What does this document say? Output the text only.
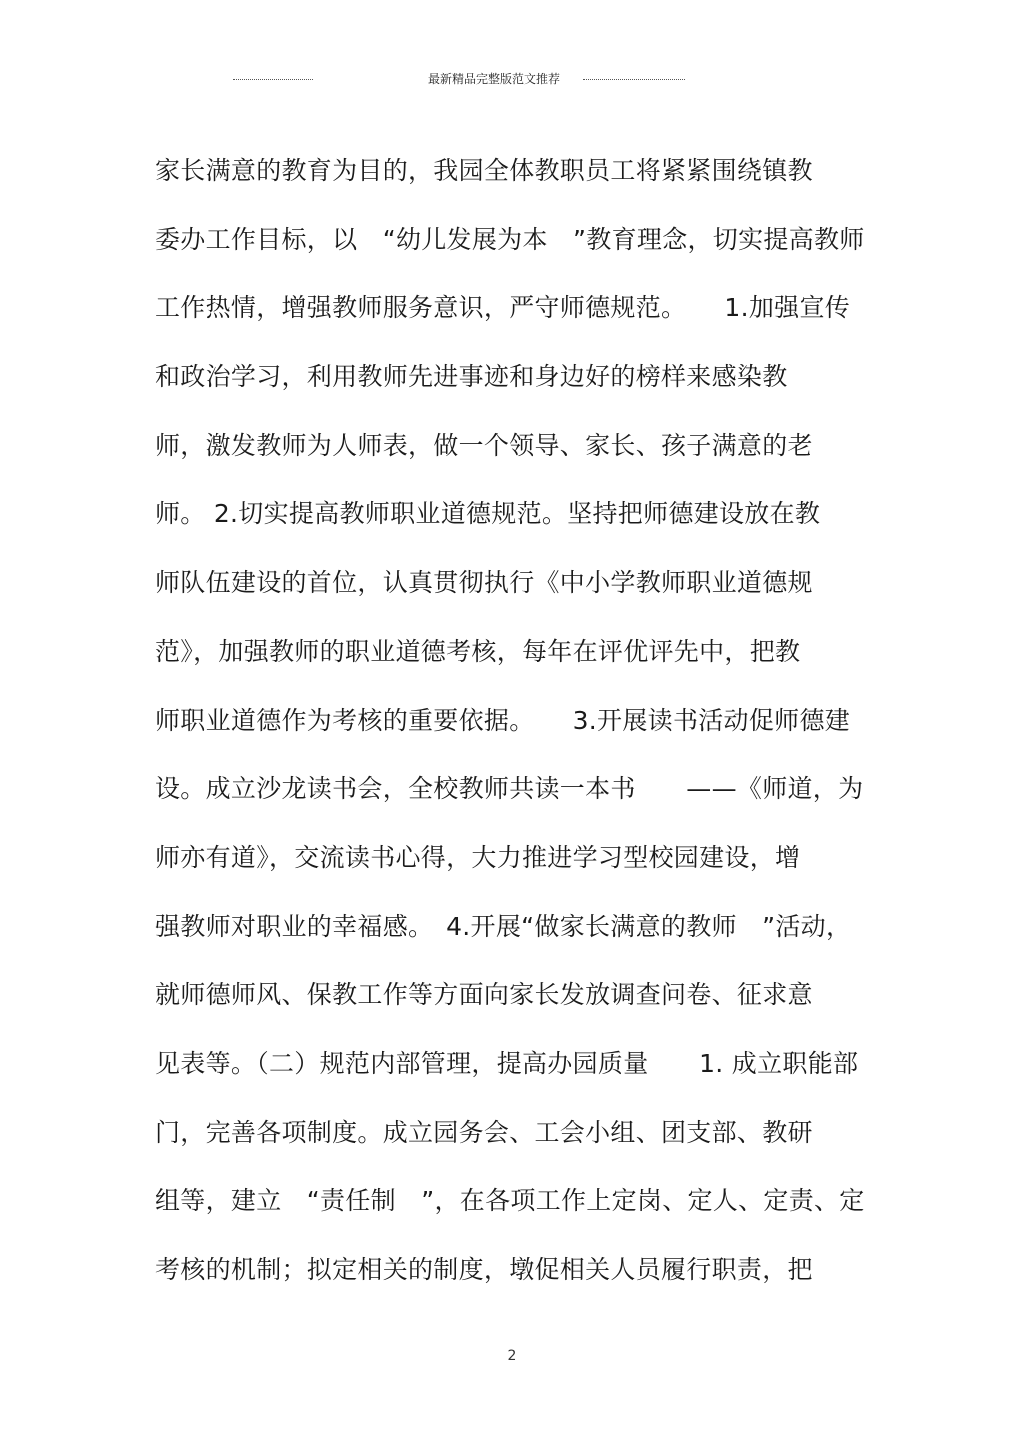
最新精品完整版范文推荐
家长满意的教育为目的，我园全体教职员工将紧紧围绕镇教
委办工作目标，以　“幼儿发展为本　”教育理念，切实提高教师
工作热情，增强教师服务意识，严守师德规范。　　1.加强宣传
和政治学习，利用教师先进事迹和身边好的榜样来感染教
师，激发教师为人师表，做一个领导、家长、孩子满意的老
师。 2.切实提高教师职业道德规范。坚持把师德建设放在教
师队伍建设的首位，认真贯彻执行《中小学教师职业道德规
范》，加强教师的职业道德考核，每年在评优评先中，把教
师职业道德作为考核的重要依据。　　3.开展读书活动促师德建
设。成立沙龙读书会，全校教师共读一本书　　——《师道，为
师亦有道》，交流读书心得，大力推进学习型校园建设，增
强教师对职业的幸福感。　4.开展“做家长满意的教师　”活动，
就师德师风、保教工作等方面向家长发放调查问卷、征求意
见表等。（二）规范内部管理，提高办园质量　　1. 成立职能部
门，完善各项制度。成立园务会、工会小组、团支部、教研
组等，建立　“责任制　”，在各项工作上定岗、定人、定责、定
考核的机制；拟定相关的制度，墩促相关人员履行职责，把
2
